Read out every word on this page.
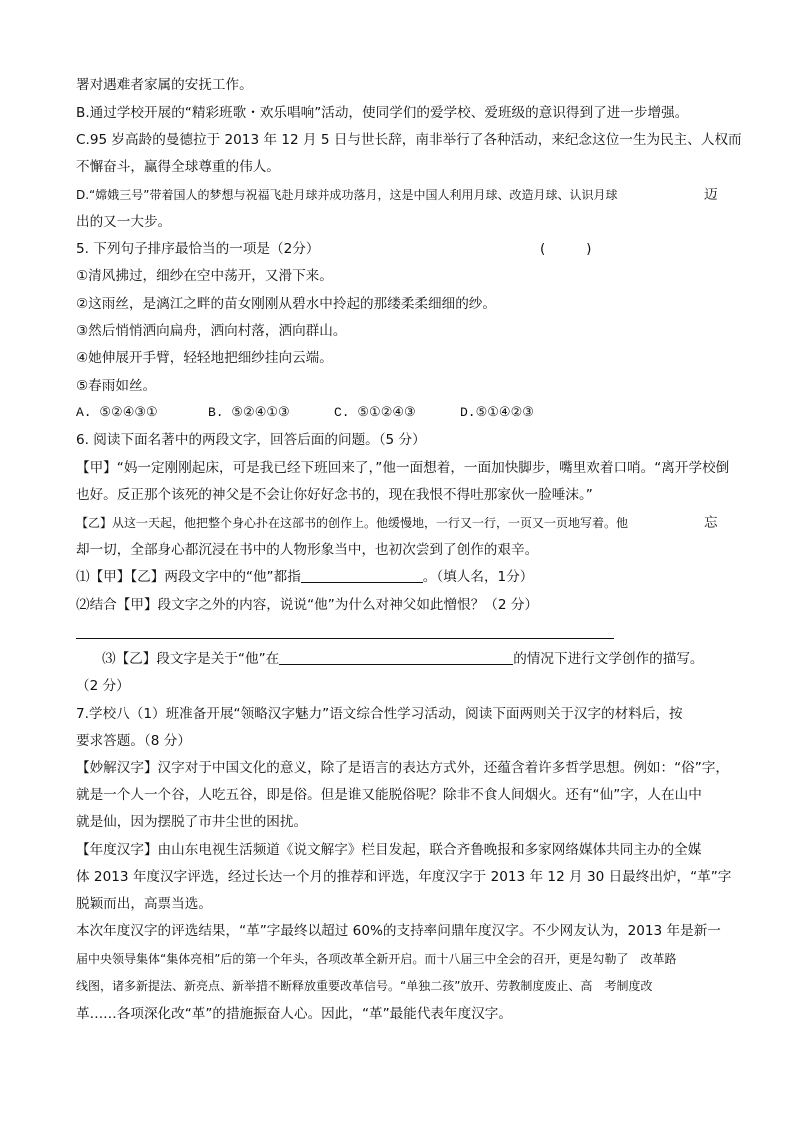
署对遇难者家属的安抚工作。
B.通过学校开展的“精彩班歌・欢乐唱响”活动，使同学们的爱学校、爱班级的意识得到了进一步增强。
C.95 岁高龄的曼德拉于 2013 年 12 月 5 日与世长辞，南非举行了各种活动，来纪念这位一生为民主、人权而
不懈奋斗，赢得全球尊重的伟人。
D.“嫦娥三号”带着国人的梦想与祝福飞赴月球并成功落月，这是中国人利用月球、改造月球、认识月球	迈
出的又一大步。
5. 下列句子排序最恰当的一项是（2分）	(　　　)
①清风拂过，细纱在空中荡开，又滑下来。
②这雨丝，是漓江之畔的苗女刚刚从碧水中拎起的那缕柔柔细细的纱。
③然后悄悄洒向扁舟，洒向村落，洒向群山。
④她伸展开手臂，轻轻地把细纱挂向云端。
⑤春雨如丝。
A. ⑤②④③①	B. ⑤②④①③	C. ⑤①②④③	D.⑤①④②③
6. 阅读下面名著中的两段文字，回答后面的问题。（5 分）
【甲】“妈一定刚刚起床，可是我已经下班回来了，”他一面想着，一面加快脚步，嘴里欢着口哨。“离开学校倒
也好。反正那个该死的神父是不会让你好好念书的，现在我恨不得吐那家伙一脸唾沫。”
【乙】从这一天起，他把整个身心扑在这部书的创作上。他缓慢地，一行又一行，一页又一页地写着。他	忘
却一切，全部身心都沉浸在书中的人物形象当中，也初次尝到了创作的艰辛。
⑴【甲】【乙】两段文字中的“他”都指	。（填人名，1分）
⑵结合【甲】段文字之外的内容，说说“他”为什么对神父如此憎恨？（2 分）
⑶【乙】段文字是关于“他”在	的情况下进行文学创作的描写。
（2 分）
7.学校八（1）班准备开展“领略汉字魅力”语文综合性学习活动，阅读下面两则关于汉字的材料后，按
要求答题。（8 分）
【妙解汉字】汉字对于中国文化的意义，除了是语言的表达方式外，还蕴含着许多哲学思想。例如：“俗”字，
就是一个人一个谷，人吃五谷，即是俗。但是谁又能脱俗呢？除非不食人间烟火。还有“仙”字，人在山中
就是仙，因为摆脱了市井尘世的困扰。
【年度汉字】由山东电视生活频道《说文解字》栏目发起，联合齐鲁晚报和多家网络媒体共同主办的全媒
体 2013 年度汉字评选，经过长达一个月的推荐和评选，年度汉字于 2013 年 12 月 30 日最终出炉，“革”字
脱颖而出，高票当选。
本次年度汉字的评选结果，“革”字最终以超过 60%的支持率问鼎年度汉字。不少网友认为，2013 年是新一
届中央领导集体“集体亮相”后的第一个年头，各项改革全新开启。而十八届三中全会的召开，更是勾勒了　改革路
线图，诸多新提法、新亮点、新举措不断释放重要改革信号。“单独二孩”放开、劳教制度废止、高　考制度改
革……各项深化改“革”的措施振奋人心。因此，“革”最能代表年度汉字。
